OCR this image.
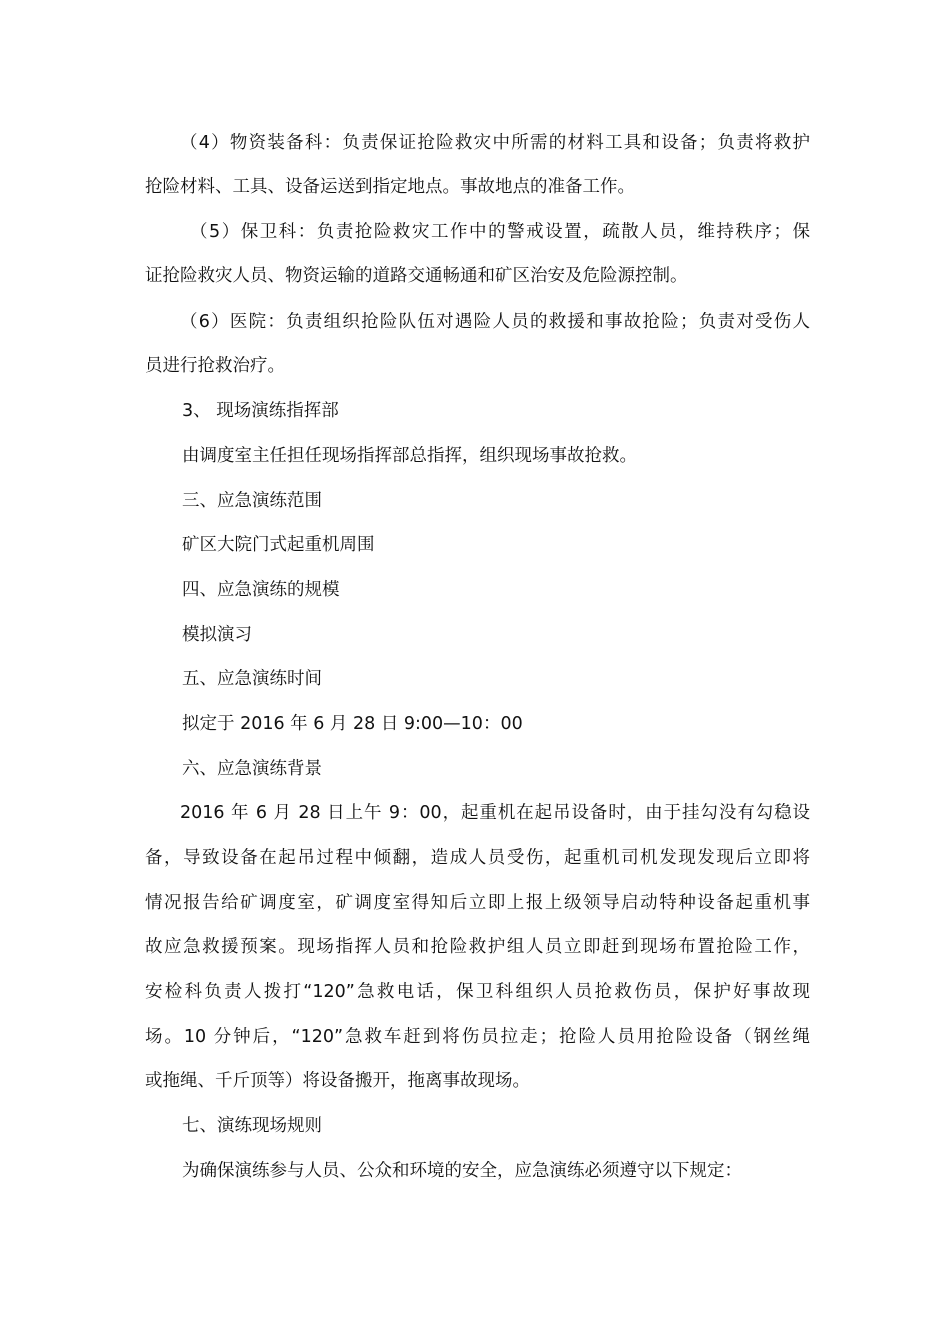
（4）物资装备科：负责保证抢险救灾中所需的材料工具和设备；负责将救护
抢险材料、工具、设备运送到指定地点。事故地点的准备工作。
（5）保卫科：负责抢险救灾工作中的警戒设置，疏散人员，维持秩序；保
证抢险救灾人员、物资运输的道路交通畅通和矿区治安及危险源控制。
（6）医院：负责组织抢险队伍对遇险人员的救援和事故抢险；负责对受伤人
员进行抢救治疗。
3、 现场演练指挥部
由调度室主任担任现场指挥部总指挥，组织现场事故抢救。
三、应急演练范围
矿区大院门式起重机周围
四、应急演练的规模
模拟演习
五、应急演练时间
拟定于 2016 年 6 月 28 日 9:00—10：00
六、应急演练背景
2016 年 6 月 28 日上午 9：00，起重机在起吊设备时，由于挂勾没有勾稳设
备，导致设备在起吊过程中倾翻，造成人员受伤，起重机司机发现发现后立即将
情况报告给矿调度室，矿调度室得知后立即上报上级领导启动特种设备起重机事
故应急救援预案。现场指挥人员和抢险救护组人员立即赶到现场布置抢险工作，
安检科负责人拨打“120”急救电话，保卫科组织人员抢救伤员，保护好事故现
场。10 分钟后，“120”急救车赶到将伤员拉走；抢险人员用抢险设备（钢丝绳
或拖绳、千斤顶等）将设备搬开，拖离事故现场。
七、演练现场规则
为确保演练参与人员、公众和环境的安全，应急演练必须遵守以下规定：
